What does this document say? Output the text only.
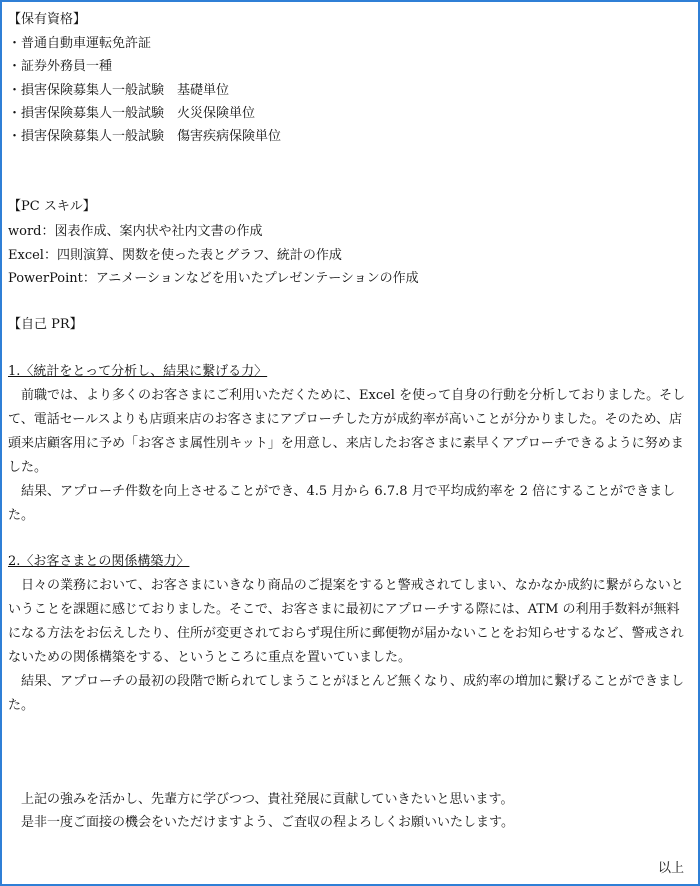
【保有資格】
・普通自動車運転免許証
・証券外務員一種
・損害保険募集人一般試験　基礎単位
・損害保険募集人一般試験　火災保険単位
・損害保険募集人一般試験　傷害疾病保険単位
【PC スキル】
word：図表作成、案内状や社内文書の作成
Excel：四則演算、関数を使った表とグラフ、統計の作成
PowerPoint：アニメーションなどを用いたプレゼンテーションの作成
【自己 PR】
1.〈統計をとって分析し、結果に繋げる力〉
前職では、より多くのお客さまにご利用いただくために、Excel を使って自身の行動を分析しておりました。そして、電話セールスよりも店頭来店のお客さまにアプローチした方が成約率が高いことが分かりました。そのため、店頭来店顧客用に予め「お客さま属性別キット」を用意し、来店したお客さまに素早くアプローチできるように努めました。
結果、アプローチ件数を向上させることができ、4.5 月から 6.7.8 月で平均成約率を 2 倍にすることができました。
2.〈お客さまとの関係構築力〉
日々の業務において、お客さまにいきなり商品のご提案をすると警戒されてしまい、なかなか成約に繋がらないということを課題に感じておりました。そこで、お客さまに最初にアプローチする際には、ATM の利用手数料が無料になる方法をお伝えしたり、住所が変更されておらず現住所に郵便物が届かないことをお知らせするなど、警戒されないための関係構築をする、というところに重点を置いていました。
結果、アプローチの最初の段階で断られてしまうことがほとんど無くなり、成約率の増加に繋げることができました。
上記の強みを活かし、先輩方に学びつつ、貴社発展に貢献していきたいと思います。
是非一度ご面接の機会をいただけますよう、ご査収の程よろしくお願いいたします。
以上
